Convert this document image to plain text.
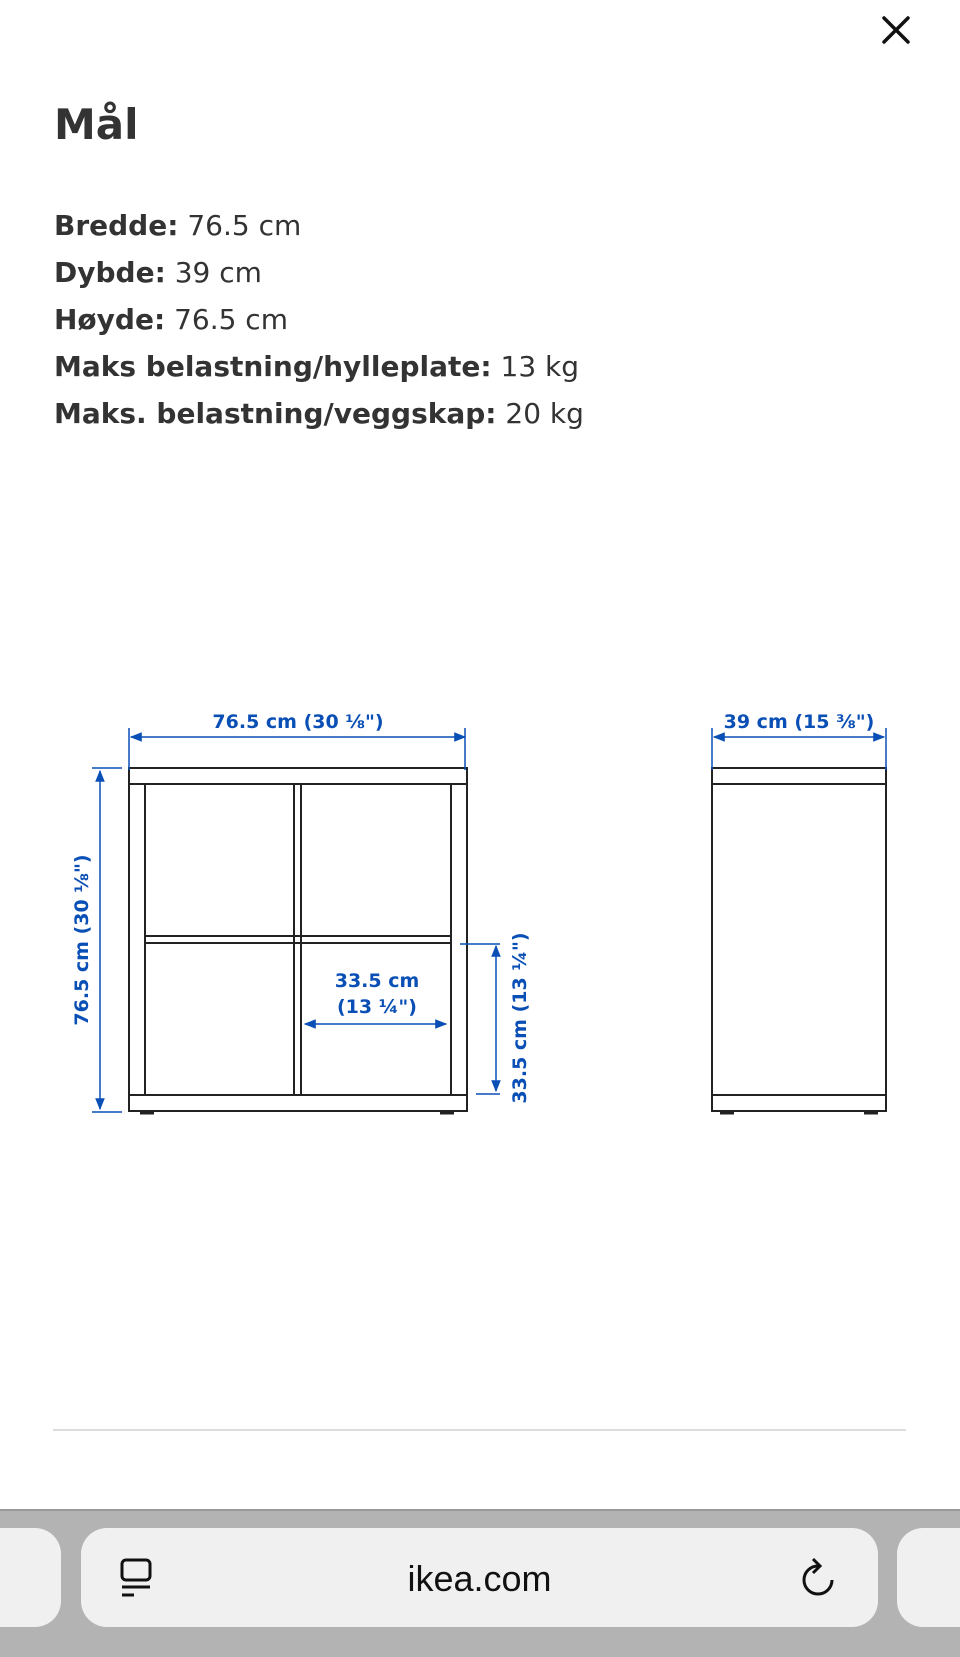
Mål
Bredde: 76.5 cm
Dybde: 39 cm
Høyde: 76.5 cm
Maks belastning/hylleplate: 13 kg
Maks. belastning/veggskap: 20 kg
76.5 cm (30 ⅛")	39 cm (15 ⅜")
33.5 cm
(13 ¼")
76.5 cm (30 ⅛")	33.5 cm (13 ¼")
ikea.com
